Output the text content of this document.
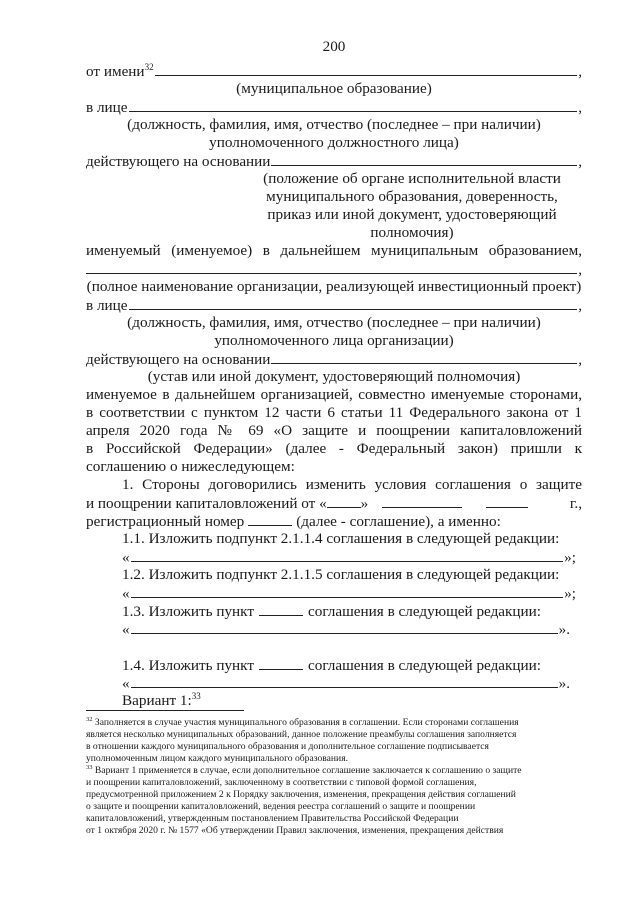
200
от имени$^{32}$	,
(муниципальное образование)
в лице	,
(должность, фамилия, имя, отчество (последнее – при наличии)
уполномоченного должностного лица)
действующего на основании	,
(положение об органе исполнительной власти
муниципального образования, доверенность,
приказ или иной документ, удостоверяющий
полномочия)
именуемый (именуемое) в дальнейшем муниципальным образованием,
,
(полное наименование организации, реализующей инвестиционный проект)
в лице	,
(должность, фамилия, имя, отчество (последнее – при наличии)
уполномоченного лица организации)
действующего на основании	,
(устав или иной документ, удостоверяющий полномочия)
именуемое в дальнейшем организацией, совместно именуемые сторонами,
в соответствии с пунктом 12 части 6 статьи 11 Федерального закона от 1
апреля 2020 года № 69 «О защите и поощрении капиталовложений
в Российской Федерации» (далее - Федеральный закон) пришли к
соглашению о нижеследующем:
1. Стороны договорились изменить условия соглашения о защите
и поощрении капиталовложений от « »	г.,
регистрационный номер	(далее - соглашение), а именно:
1.1. Изложить подпункт 2.1.1.4 соглашения в следующей редакции:
«	»;
1.2. Изложить подпункт 2.1.1.5 соглашения в следующей редакции:
«	»;
1.3. Изложить пункт	соглашения в следующей редакции:
«	».
1.4. Изложить пункт	соглашения в следующей редакции:
«	».
Вариант 1:$^{33}$
$^{32}$ Заполняется в случае участия муниципального образования в соглашении. Если сторонами соглашения
является несколько муниципальных образований, данное положение преамбулы соглашения заполняется
в отношении каждого муниципального образования и дополнительное соглашение подписывается
уполномоченным лицом каждого муниципального образования.
$^{33}$ Вариант 1 применяется в случае, если дополнительное соглашение заключается к соглашению о защите
и поощрении капиталовложений, заключенному в соответствии с типовой формой соглашения,
предусмотренной приложением 2 к Порядку заключения, изменения, прекращения действия соглашений
о защите и поощрении капиталовложений, ведения реестра соглашений о защите и поощрении
капиталовложений, утвержденным постановлением Правительства Российской Федерации
от 1 октября 2020 г. № 1577 «Об утверждении Правил заключения, изменения, прекращения действия
